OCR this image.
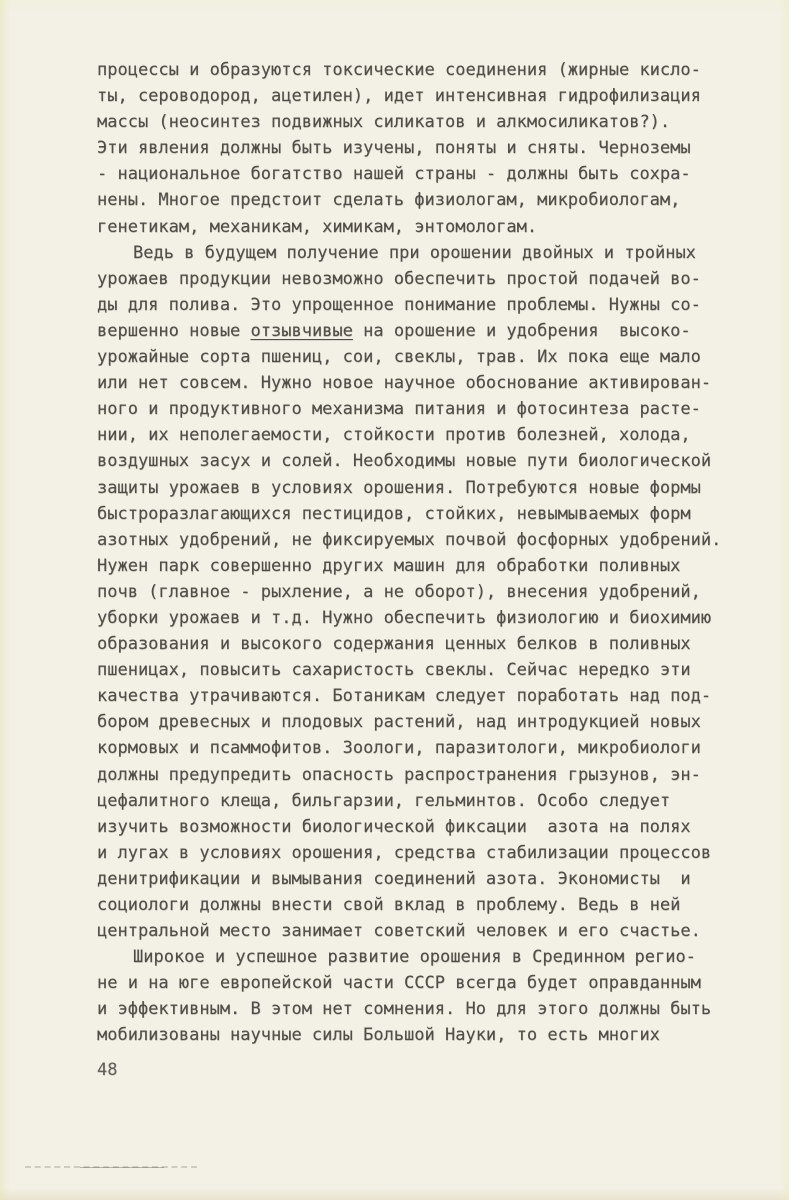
процессы и образуются токсические соединения (жирные кисло-
ты, сероводород, ацетилен), идет интенсивная гидрофилизация
массы (неосинтез подвижных силикатов и алкмосиликатов?).
Эти явления должны быть изучены, поняты и сняты. Черноземы
- национальное богатство нашей страны - должны быть сохра-
нены. Многое предстоит сделать физиологам, микробиологам,
генетикам, механикам, химикам, энтомологам.
Ведь в будущем получение при орошении двойных и тройных
урожаев продукции невозможно обеспечить простой подачей во-
ды для полива. Это упрощенное понимание проблемы. Нужны со-
вершенно новые отзывчивые на орошение и удобрения  высоко-
урожайные сорта пшениц, сои, свеклы, трав. Их пока еще мало
или нет совсем. Нужно новое научное обоснование активирован-
ного и продуктивного механизма питания и фотосинтеза расте-
нии, их неполегаемости, стойкости против болезней, холода,
воздушных засух и солей. Необходимы новые пути биологической
защиты урожаев в условиях орошения. Потребуются новые формы
быстроразлагающихся пестицидов, стойких, невымываемых форм
азотных удобрений, не фиксируемых почвой фосфорных удобрений.
Нужен парк совершенно других машин для обработки поливных
почв (главное - рыхление, а не оборот), внесения удобрений,
уборки урожаев и т.д. Нужно обеспечить физиологию и биохимию
образования и высокого содержания ценных белков в поливных
пшеницах, повысить сахаристость свеклы. Сейчас нередко эти
качества утрачиваются. Ботаникам следует поработать над под-
бором древесных и плодовых растений, над интродукцией новых
кормовых и псаммофитов. Зоологи, паразитологи, микробиологи
должны предупредить опасность распространения грызунов, эн-
цефалитного клеща, бильгарзии, гельминтов. Особо следует
изучить возможности биологической фиксации  азота на полях
и лугах в условиях орошения, средства стабилизации процессов
денитрификации и вымывания соединений азота. Экономисты  и
социологи должны внести свой вклад в проблему. Ведь в ней
центральной место занимает советский человек и его счастье.
Широкое и успешное развитие орошения в Срединном регио-
не и на юге европейской части СССР всегда будет оправданным
и эффективным. В этом нет сомнения. Но для этого должны быть
мобилизованы научные силы Большой Науки, то есть многих
48
